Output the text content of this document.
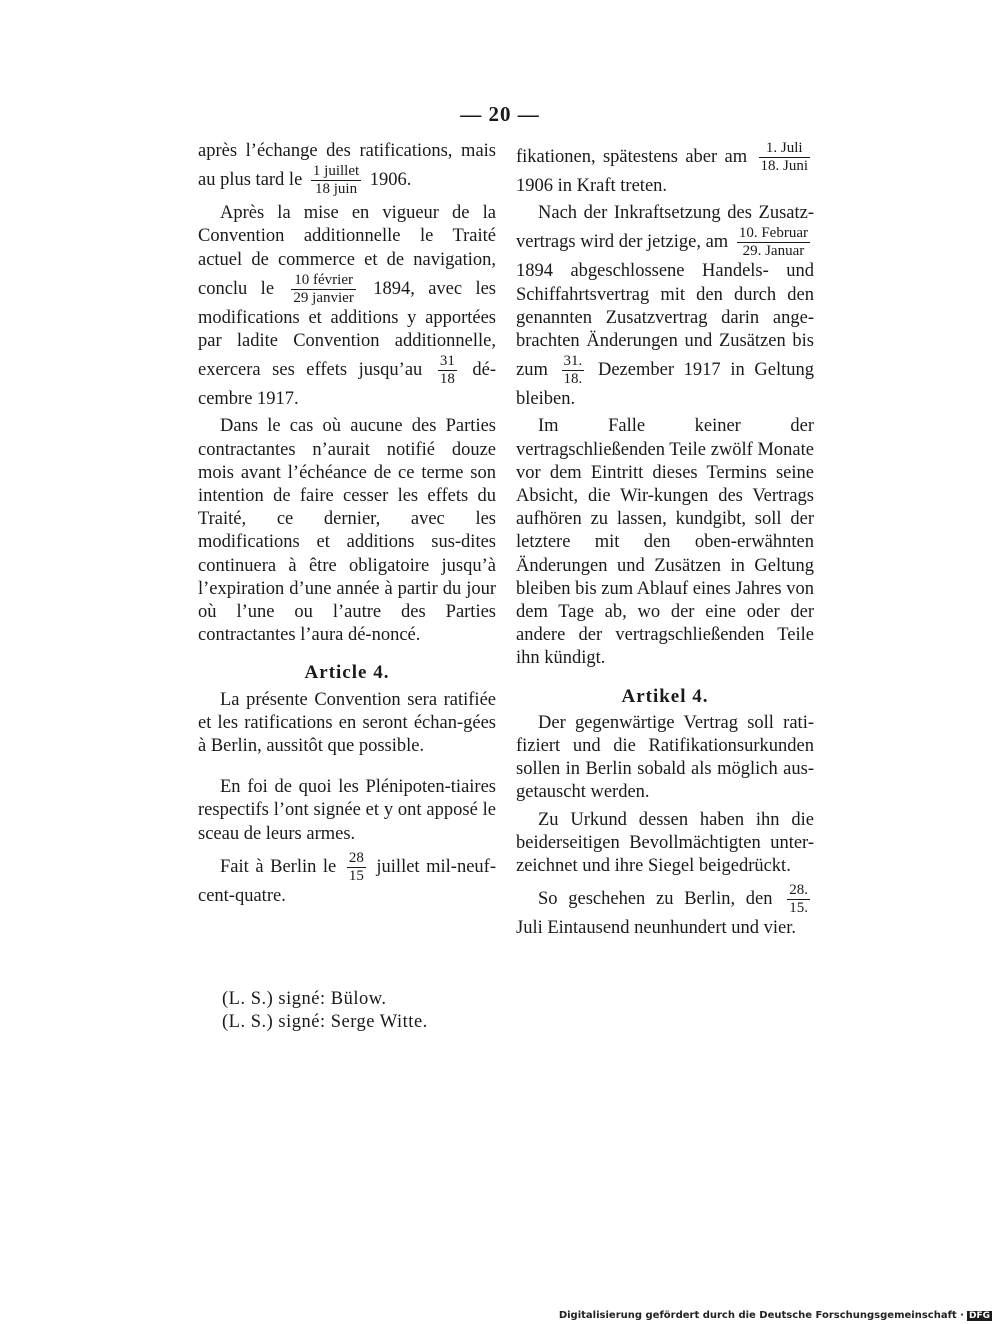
— 20 —

après l’échange des ratifications, mais au plus tard le $\frac{\text{1 juillet}}{\text{18 juin}} 1906$.

Après la mise en vigueur de la Convention additionnelle le Traité actuel de commerce et de navigation, conclu le $\frac{\text{10 février}}{\text{29 janvier}} 1894$, avec les modifications et additions y apportées par ladite Convention additionnelle, exercera ses effets jusqu’au $\frac{31}{18}$ dé-cembre 1917.

Dans le cas où aucune des Parties contractantes n’aurait notifié douze mois avant l’échéance de ce terme son intention de faire cesser les effets du Traité, ce dernier, avec les modifications et additions sus-dites continuera à être obligatoire jusqu’à l’expiration d’une année à partir du jour où l’une ou l’autre des Parties contractantes l’aura dé-noncé.

Article 4.

La présente Convention sera ratifiée et les ratifications en seront échan-gées à Berlin, aussitôt que possible.

En foi de quoi les Plénipoten-tiaires respectifs l’ont signée et y ont apposé le sceau de leurs armes.

Fait à Berlin le $\frac{28}{15}$ juillet mil-neuf-cent-quatre.

fikationen, spätestens aber am $\frac{\text{1. Juli}}{\text{18. Juni}}$
1906 in Kraft treten.

Nach der Inkraftsetzung des Zusatz-vertrags wird der jetzige, am $\frac{\text{10. Februar}}{\text{29. Januar}}$
1894 abgeschlossene Handels- und Schiffahrtsvertrag mit den durch den genannten Zusatzvertrag darin ange-brachten Änderungen und Zusätzen bis zum $\frac{31.}{18.}$ Dezember 1917 in Geltung bleiben.

Im Falle keiner der vertragschließenden Teile zwölf Monate vor dem Eintritt dieses Termins seine Absicht, die Wir-kungen des Vertrags aufhören zu lassen, kundgibt, soll der letztere mit den oben-erwähnten Änderungen und Zusätzen in Geltung bleiben bis zum Ablauf eines Jahres von dem Tage ab, wo der eine oder der andere der vertragschließenden Teile ihn kündigt.

Artikel 4.

Der gegenwärtige Vertrag soll rati-fiziert und die Ratifikationsurkunden sollen in Berlin sobald als möglich aus-getauscht werden.

Zu Urkund dessen haben ihn die beiderseitigen Bevollmächtigten unter-zeichnet und ihre Siegel beigedrückt.

So geschehen zu Berlin, den $\frac{28.}{15.}$
Juli Eintausend neunhundert und vier.

(L. S.) signé: Bülow.
(L. S.) signé: Serge Witte.
Digitalisierung gefördert durch die Deutsche Forschungsgemeinschaft · DFG
